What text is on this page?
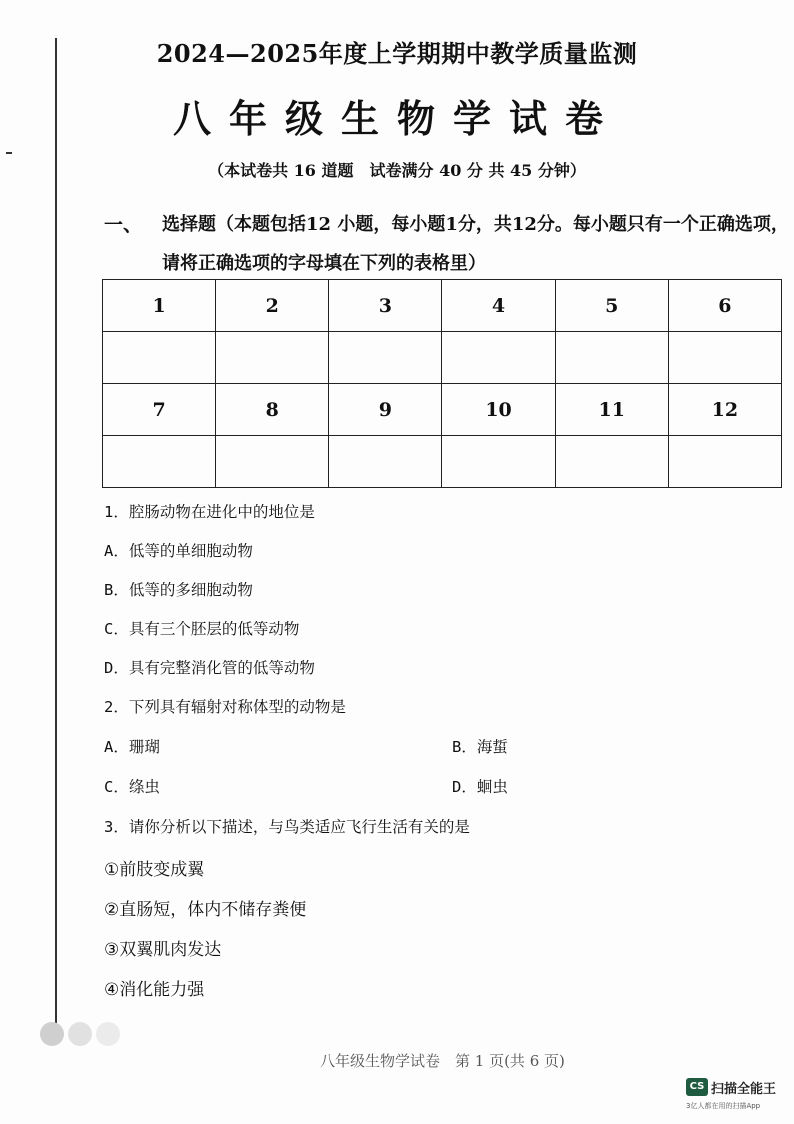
2024—2025年度上学期期中教学质量监测
八年级生物学试卷
（本试卷共 16 道题　试卷满分 40 分 共 45 分钟）
一、 选择题（本题包括12 小题，每小题1分，共12分。每小题只有一个正确选项，
请将正确选项的字母填在下列的表格里）
1	2	3	4	5	6

7	8	9	10	11	12

1．腔肠动物在进化中的地位是
A．低等的单细胞动物
B．低等的多细胞动物
C．具有三个胚层的低等动物
D．具有完整消化管的低等动物
2．下列具有辐射对称体型的动物是
A．珊瑚	B．海蜇
C．绦虫	D．蛔虫
3．请你分析以下描述，与鸟类适应飞行生活有关的是
①前肢变成翼
②直肠短，体内不储存粪便
③双翼肌肉发达
④消化能力强
八年级生物学试卷　第 1 页(共 6 页)
CS 扫描全能王
3亿人都在用的扫描App
